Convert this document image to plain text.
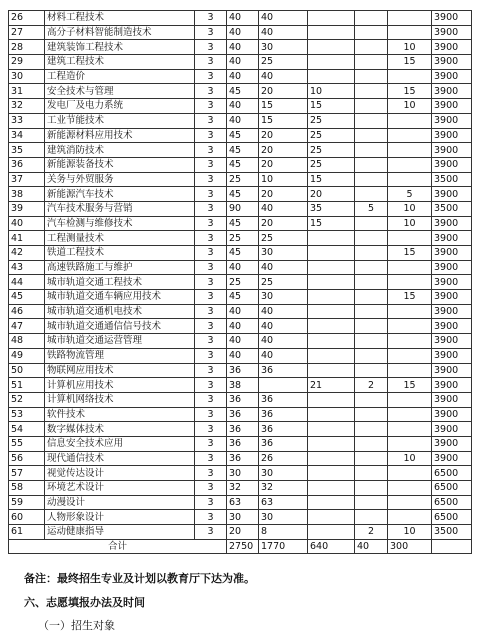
26	材料工程技术	3	40	40				3900
27	高分子材料智能制造技术	3	40	40				3900
28	建筑装饰工程技术	3	40	30			10	3900
29	建筑工程技术	3	40	25			15	3900
30	工程造价	3	40	40				3900
31	安全技术与管理	3	45	20	10		15	3900
32	发电厂及电力系统	3	40	15	15		10	3900
33	工业节能技术	3	40	15	25			3900
34	新能源材料应用技术	3	45	20	25			3900
35	建筑消防技术	3	45	20	25			3900
36	新能源装备技术	3	45	20	25			3900
37	关务与外贸服务	3	25	10	15			3500
38	新能源汽车技术	3	45	20	20		5	3900
39	汽车技术服务与营销	3	90	40	35	5	10	3500
40	汽车检测与维修技术	3	45	20	15		10	3900
41	工程测量技术	3	25	25				3900
42	铁道工程技术	3	45	30			15	3900
43	高速铁路施工与维护	3	40	40				3900
44	城市轨道交通工程技术	3	25	25				3900
45	城市轨道交通车辆应用技术	3	45	30			15	3900
46	城市轨道交通机电技术	3	40	40				3900
47	城市轨道交通通信信号技术	3	40	40				3900
48	城市轨道交通运营管理	3	40	40				3900
49	铁路物流管理	3	40	40				3900
50	物联网应用技术	3	36	36				3900
51	计算机应用技术	3	38		21	2	15	3900
52	计算机网络技术	3	36	36				3900
53	软件技术	3	36	36				3900
54	数字媒体技术	3	36	36				3900
55	信息安全技术应用	3	36	36				3900
56	现代通信技术	3	36	26			10	3900
57	视觉传达设计	3	30	30				6500
58	环境艺术设计	3	32	32				6500
59	动漫设计	3	63	63				6500
60	人物形象设计	3	30	30				6500
61	运动健康指导	3	20	8		2	10	3500
合计			2750	1770	640	40	300	
备注：最终招生专业及计划以教育厅下达为准。
六、志愿填报办法及时间
（一）招生对象
